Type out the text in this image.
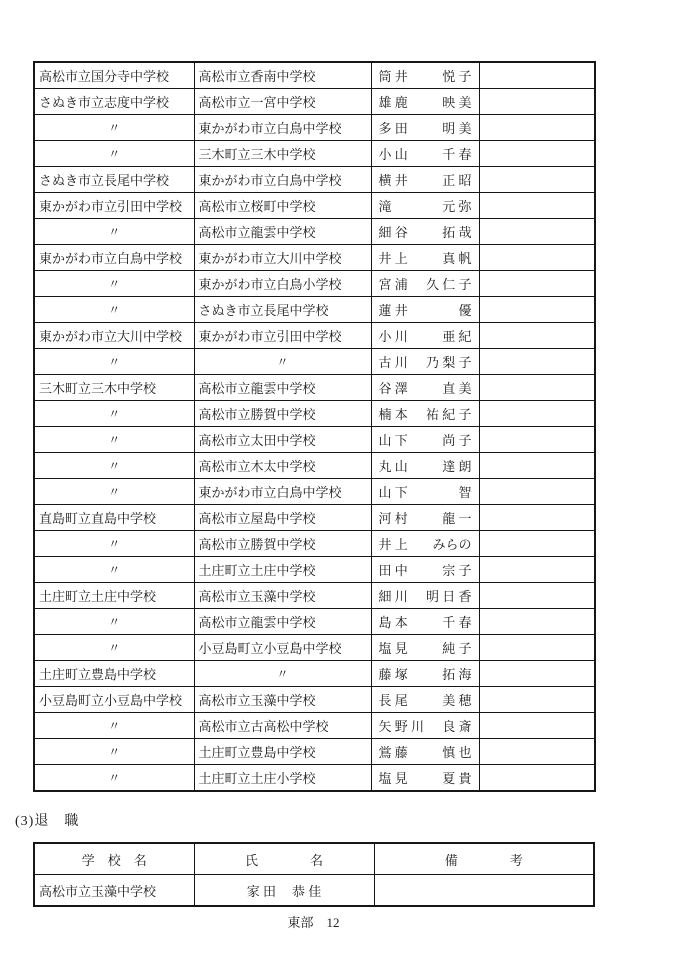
高松市立国分寺中学校	高松市立香南中学校	筒 井 悦 子	

さぬき市立志度中学校	高松市立一宮中学校	雄 鹿 映 美	

〃	東かがわ市立白鳥中学校	多 田 明 美	

〃	三木町立三木中学校	小 山 千 春	

さぬき市立長尾中学校	東かがわ市立白鳥中学校	横 井 正 昭	

東かがわ市立引田中学校	高松市立桜町中学校	滝 元 弥	

〃	高松市立龍雲中学校	細 谷 拓 哉	

東かがわ市立白鳥中学校	東かがわ市立大川中学校	井 上 真 帆	

〃	東かがわ市立白鳥小学校	宮 浦 久 仁 子	

〃	さぬき市立長尾中学校	蓮 井 優	

東かがわ市立大川中学校	東かがわ市立引田中学校	小 川 亜 紀	

〃	〃	古 川 乃 梨 子	

三木町立三木中学校	高松市立龍雲中学校	谷 澤 直 美	

〃	高松市立勝賀中学校	楠 本 祐 紀 子	

〃	高松市立太田中学校	山 下 尚 子	

〃	高松市立木太中学校	丸 山 達 朗	

〃	東かがわ市立白鳥中学校	山 下 智	

直島町立直島中学校	高松市立屋島中学校	河 村 龍 一	

〃	高松市立勝賀中学校	井 上 みらの	

〃	土庄町立土庄中学校	田 中 宗 子	

土庄町立土庄中学校	高松市立玉藻中学校	細 川 明 日 香	

〃	高松市立龍雲中学校	島 本 千 春	

〃	小豆島町立小豆島中学校	塩 見 純 子	

土庄町立豊島中学校	〃	藤 塚 拓 海	

小豆島町立小豆島中学校	高松市立玉藻中学校	長 尾 美 穂	

〃	高松市立古高松中学校	矢 野 川 良 斎	

〃	土庄町立豊島中学校	鴬 藤 慎 也	

〃	土庄町立土庄小学校	塩 見 夏 貴	

(3)退　職
学　校　名	氏　　　　名	備　　　　考
高松市立玉藻中学校	家 田 恭 佳	

東部　12
